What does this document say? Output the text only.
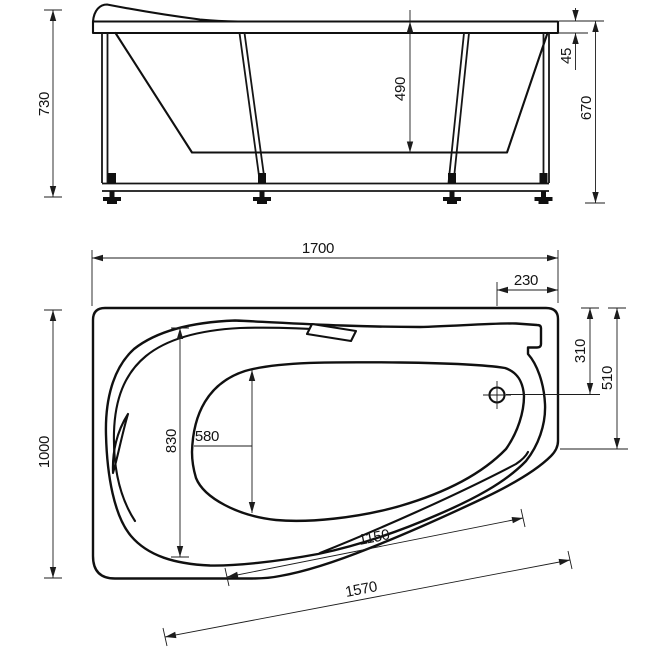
730
490
45
670
1700
230
1000	830 580
310
510
1150
1570
